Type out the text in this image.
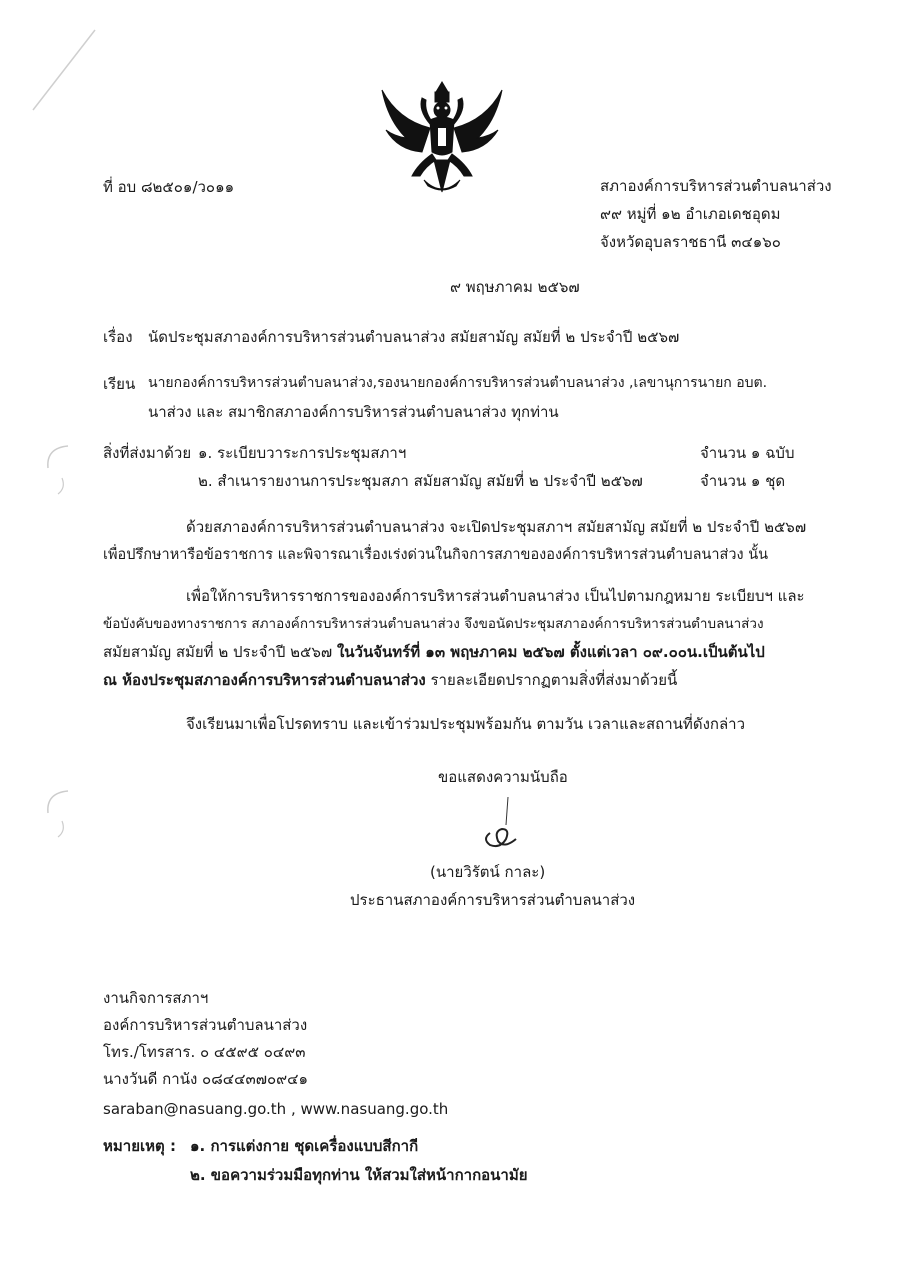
ที่ อบ ๘๒๕๐๑/ว๐๑๑	สภาองค์การบริหารส่วนตำบลนาส่วง
๙๙ หมู่ที่ ๑๒ อำเภอเดชอุดม
จังหวัดอุบลราชธานี ๓๔๑๖๐
๙ พฤษภาคม ๒๕๖๗
เรื่อง นัดประชุมสภาองค์การบริหารส่วนตำบลนาส่วง สมัยสามัญ สมัยที่ ๒ ประจำปี ๒๕๖๗
เรียน นายกองค์การบริหารส่วนตำบลนาส่วง,รองนายกองค์การบริหารส่วนตำบลนาส่วง ,เลขานุการนายก อบต.
นาส่วง และ สมาชิกสภาองค์การบริหารส่วนตำบลนาส่วง ทุกท่าน
สิ่งที่ส่งมาด้วย ๑. ระเบียบวาระการประชุมสภาฯ	จำนวน ๑ ฉบับ
๒. สำเนารายงานการประชุมสภา สมัยสามัญ สมัยที่ ๒ ประจำปี ๒๕๖๗	จำนวน ๑ ชุด
ด้วยสภาองค์การบริหารส่วนตำบลนาส่วง จะเปิดประชุมสภาฯ สมัยสามัญ สมัยที่ ๒ ประจำปี ๒๕๖๗
เพื่อปรึกษาหารือข้อราชการ และพิจารณาเรื่องเร่งด่วนในกิจการสภาขององค์การบริหารส่วนตำบลนาส่วง นั้น
เพื่อให้การบริหารราชการขององค์การบริหารส่วนตำบลนาส่วง เป็นไปตามกฎหมาย ระเบียบฯ และ
ข้อบังคับของทางราชการ สภาองค์การบริหารส่วนตำบลนาส่วง จึงขอนัดประชุมสภาองค์การบริหารส่วนตำบลนาส่วง
สมัยสามัญ สมัยที่ ๒ ประจำปี ๒๕๖๗ ในวันจันทร์ที่ ๑๓ พฤษภาคม ๒๕๖๗ ตั้งแต่เวลา ๐๙.๐๐น.เป็นต้นไป
ณ ห้องประชุมสภาองค์การบริหารส่วนตำบลนาส่วง รายละเอียดปรากฏตามสิ่งที่ส่งมาด้วยนี้
จึงเรียนมาเพื่อโปรดทราบ และเข้าร่วมประชุมพร้อมกัน ตามวัน เวลาและสถานที่ดังกล่าว
ขอแสดงความนับถือ
(นายวิรัตน์ กาละ)
ประธานสภาองค์การบริหารส่วนตำบลนาส่วง
งานกิจการสภาฯ
องค์การบริหารส่วนตำบลนาส่วง
โทร./โทรสาร. ๐ ๔๕๙๕ ๐๔๙๓
นางวันดี กานัง ๐๘๔๔๓๗๐๙๔๑
saraban@nasuang.go.th , www.nasuang.go.th
หมายเหตุ : ๑. การแต่งกาย ชุดเครื่องแบบสีกากี
๒. ขอความร่วมมือทุกท่าน ให้สวมใส่หน้ากากอนามัย
